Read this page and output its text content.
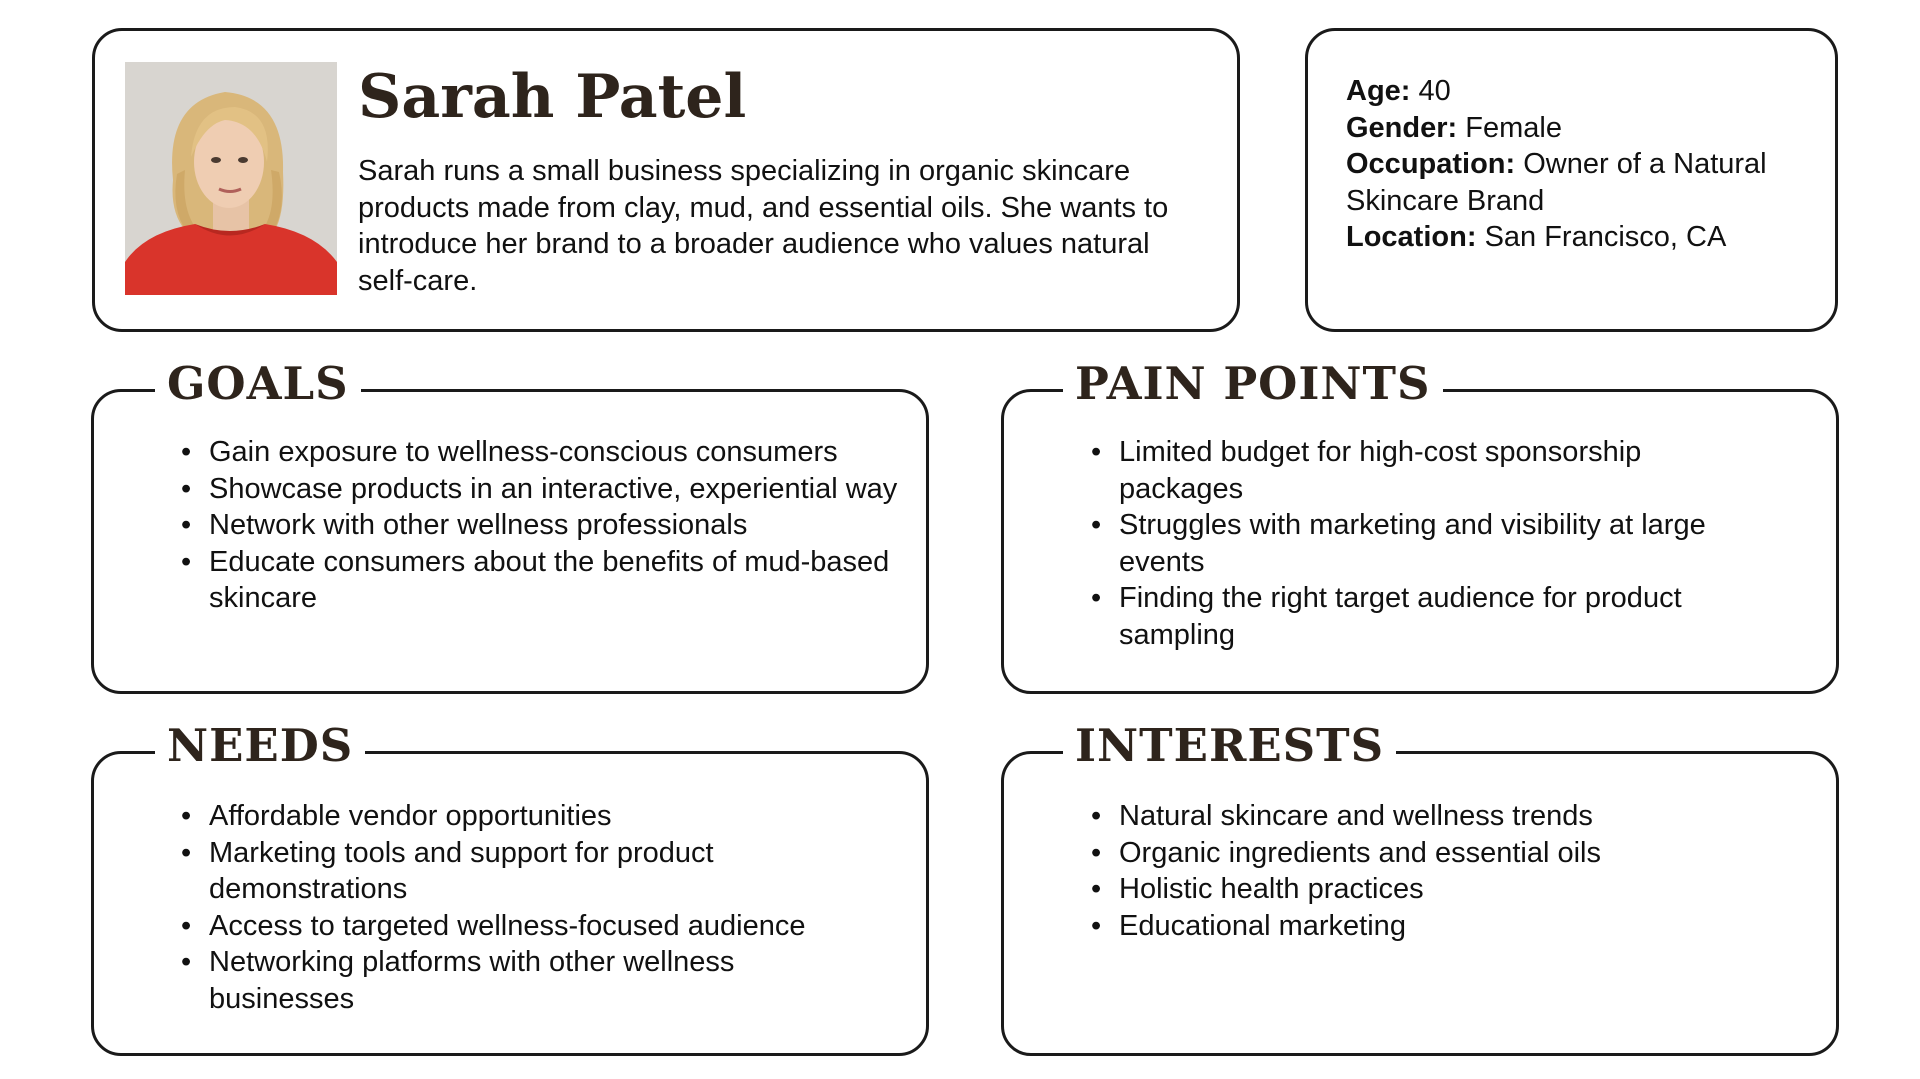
Sarah Patel

Sarah runs a small business specializing in organic skincare products made from clay, mud, and essential oils. She wants to introduce her brand to a broader audience who values natural self-care.

Age: 40
Gender: Female
Occupation: Owner of a Natural Skincare Brand
Location: San Francisco, CA
GOALS
• Gain exposure to wellness-conscious consumers
• Showcase products in an interactive, experiential way
• Network with other wellness professionals
• Educate consumers about the benefits of mud-based skincare
PAIN POINTS
• Limited budget for high-cost sponsorship packages
• Struggles with marketing and visibility at large events
• Finding the right target audience for product sampling
NEEDS
• Affordable vendor opportunities
• Marketing tools and support for product demonstrations
• Access to targeted wellness-focused audience
• Networking platforms with other wellness businesses
INTERESTS
• Natural skincare and wellness trends
• Organic ingredients and essential oils
• Holistic health practices
• Educational marketing
